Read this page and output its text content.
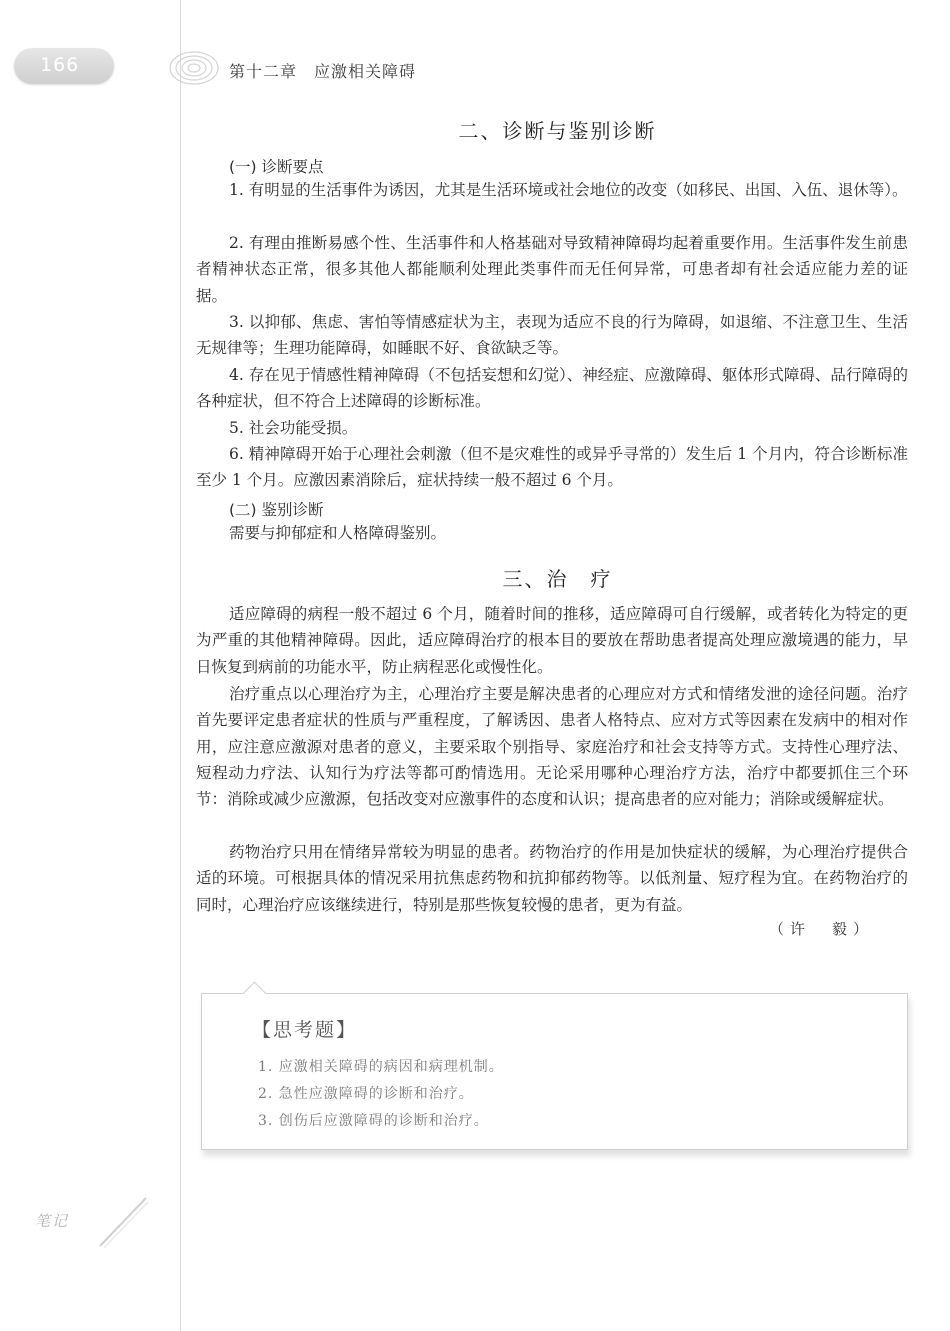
166	第十二章　应激相关障碍
二、诊断与鉴别诊断
(一) 诊断要点

1. 有明显的生活事件为诱因，尤其是生活环境或社会地位的改变（如移民、出国、入伍、退休等）。

2. 有理由推断易感个性、生活事件和人格基础对导致精神障碍均起着重要作用。生活事件发生前患者精神状态正常，很多其他人都能顺利处理此类事件而无任何异常，可患者却有社会适应能力差的证据。

3. 以抑郁、焦虑、害怕等情感症状为主，表现为适应不良的行为障碍，如退缩、不注意卫生、生活无规律等；生理功能障碍，如睡眠不好、食欲缺乏等。

4. 存在见于情感性精神障碍（不包括妄想和幻觉）、神经症、应激障碍、躯体形式障碍、品行障碍的各种症状，但不符合上述障碍的诊断标准。

5. 社会功能受损。

6. 精神障碍开始于心理社会刺激（但不是灾难性的或异乎寻常的）发生后 1 个月内，符合诊断标准至少 1 个月。应激因素消除后，症状持续一般不超过 6 个月。

(二) 鉴别诊断

需要与抑郁症和人格障碍鉴别。

三、治　疗

适应障碍的病程一般不超过 6 个月，随着时间的推移，适应障碍可自行缓解，或者转化为特定的更为严重的其他精神障碍。因此，适应障碍治疗的根本目的要放在帮助患者提高处理应激境遇的能力，早日恢复到病前的功能水平，防止病程恶化或慢性化。

治疗重点以心理治疗为主，心理治疗主要是解决患者的心理应对方式和情绪发泄的途径问题。治疗首先要评定患者症状的性质与严重程度，了解诱因、患者人格特点、应对方式等因素在发病中的相对作用，应注意应激源对患者的意义，主要采取个别指导、家庭治疗和社会支持等方式。支持性心理疗法、短程动力疗法、认知行为疗法等都可酌情选用。无论采用哪种心理治疗方法，治疗中都要抓住三个环节：消除或减少应激源，包括改变对应激事件的态度和认识；提高患者的应对能力；消除或缓解症状。

药物治疗只用在情绪异常较为明显的患者。药物治疗的作用是加快症状的缓解，为心理治疗提供合适的环境。可根据具体的情况采用抗焦虑药物和抗抑郁药物等。以低剂量、短疗程为宜。在药物治疗的同时，心理治疗应该继续进行，特别是那些恢复较慢的患者，更为有益。

（许　毅）
【思考题】
1. 应激相关障碍的病因和病理机制。
2. 急性应激障碍的诊断和治疗。
3. 创伤后应激障碍的诊断和治疗。
笔记
